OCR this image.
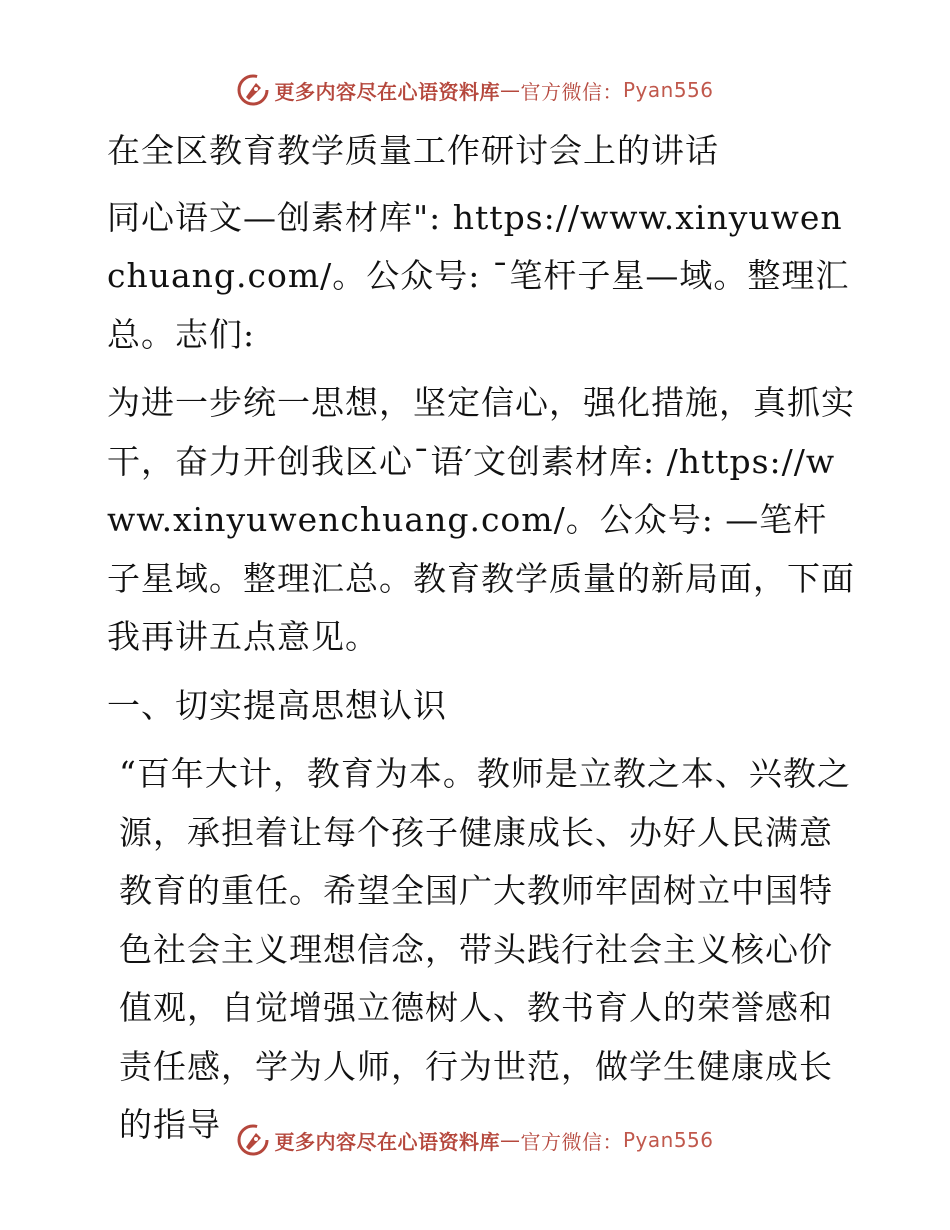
更多内容尽在心语资料库 — 官方微信： Pyan556

在全区教育教学质量工作研讨会上的讲话

同心语文—创素材库": https://www.xinyuwenchuang.com/。公众号: ¯笔杆子星—域。整理汇总。志们:

为进一步统一思想，坚定信心，强化措施，真抓实干，奋力开创我区心¯语′文创素材库: /https://www.xinyuwenchuang.com/。公众号: —笔杆子星域。整理汇总。教育教学质量的新局面，下面我再讲五点意见。

一、切实提高思想认识

“百年大计，教育为本。教师是立教之本、兴教之源，承担着让每个孩子健康成长、办好人民满意教育的重任。希望全国广大教师牢固树立中国特色社会主义理想信念，带头践行社会主义核心价值观，自觉增强立德树人、教书育人的荣誉感和责任感，学为人师，行为世范，做学生健康成长的指导	更多内容尽在心语资料库 — 官方微信： Pyan556
